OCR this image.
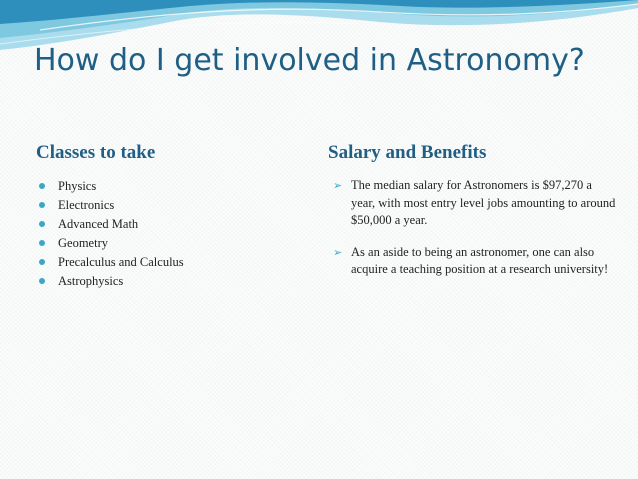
How do I get involved in Astronomy?
Classes to take
Physics
Electronics
Advanced Math
Geometry
Precalculus and Calculus
Astrophysics
Salary and Benefits
➢ The median salary for Astronomers is $97,270 a year, with most entry level jobs amounting to around $50,000 a year.
➢ As an aside to being an astronomer, one can also acquire a teaching position at a research university!
